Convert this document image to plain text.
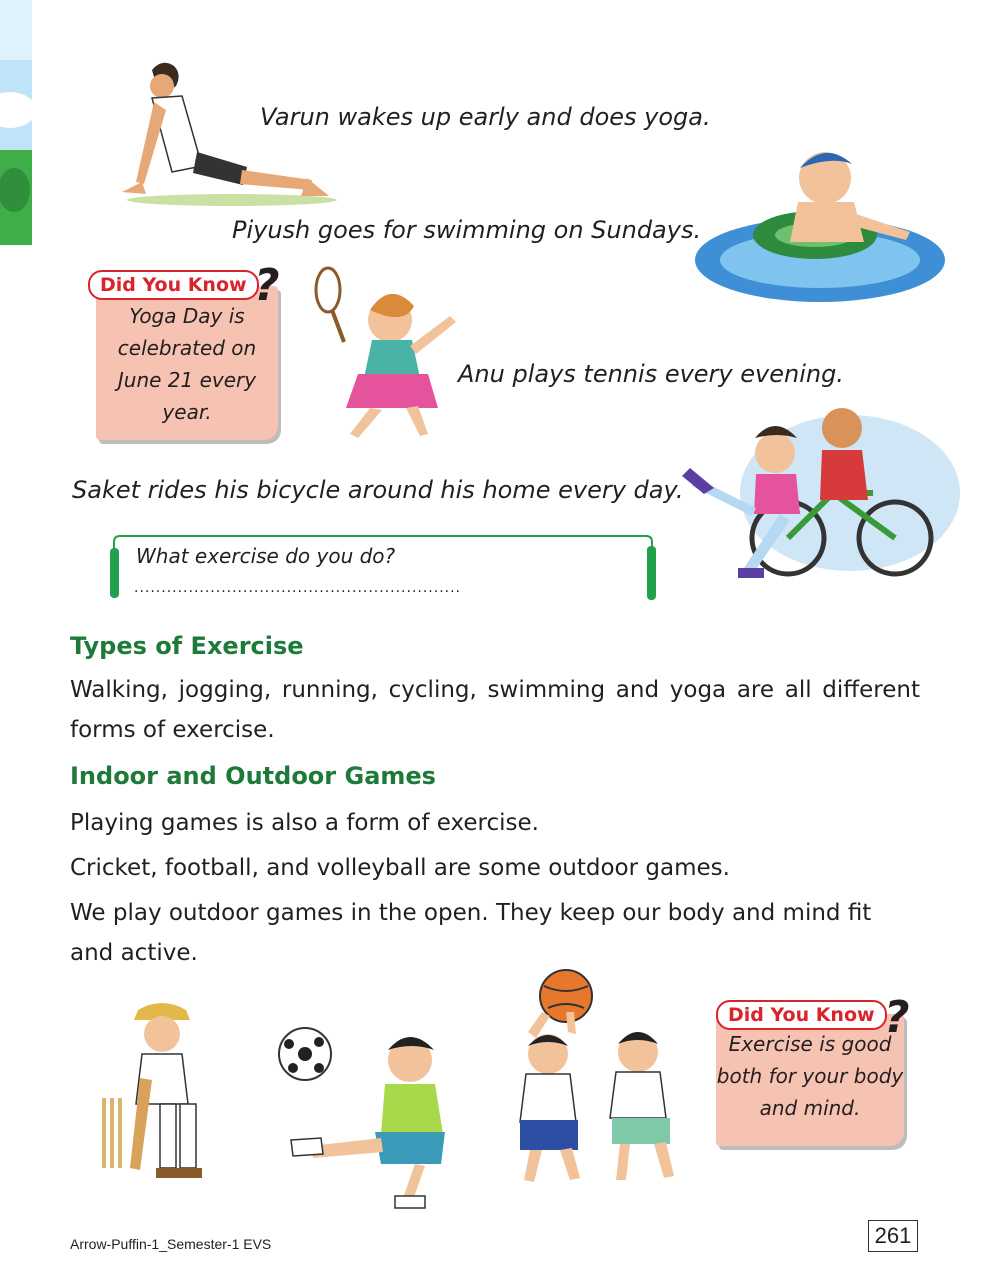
Varun wakes up early and does yoga.
Piyush goes for swimming on Sundays.
Yoga Day is celebrated on June 21 every year.
Did You Know ?
Anu plays tennis every evening.
Saket rides his bicycle around his home every day.
What exercise do you do?
............................................................
Types of Exercise
Walking, jogging, running, cycling, swimming and yoga are all different forms of exercise.
Indoor and Outdoor Games
Playing games is also a form of exercise.
Cricket, football, and volleyball are some outdoor games.
We play outdoor games in the open. They keep our body and mind fit and active.
Exercise is good both for your body and mind.
Did You Know ?
Arrow-Puffin-1_Semester-1 EVS	261
